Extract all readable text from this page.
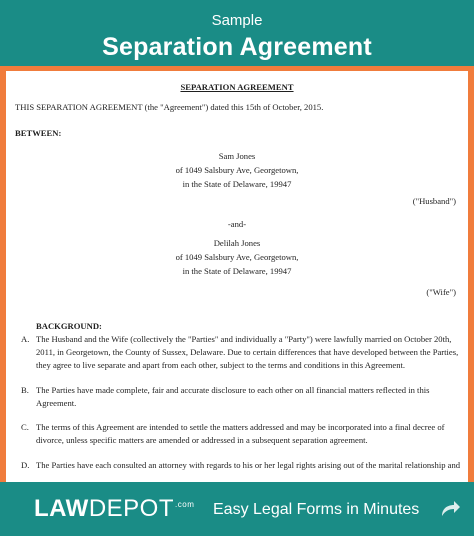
Sample
Separation Agreement
SEPARATION AGREEMENT
THIS SEPARATION AGREEMENT (the "Agreement") dated this 15th of October, 2015.
BETWEEN:
Sam Jones
of 1049 Salsbury Ave, Georgetown,
in the State of Delaware, 19947
("Husband")
-and-
Delilah Jones
of 1049 Salsbury Ave, Georgetown,
in the State of Delaware, 19947
("Wife")
BACKGROUND:
A. The Husband and the Wife (collectively the "Parties" and individually a "Party") were lawfully married on October 20th,
2011, in Georgetown, the County of Sussex, Delaware. Due to certain differences that have developed between the Parties,
they agree to live separate and apart from each other, subject to the terms and conditions in this Agreement.
B. The Parties have made complete, fair and accurate disclosure to each other on all financial matters reflected in this
Agreement.
C. The terms of this Agreement are intended to settle the matters addressed and may be incorporated into a final decree of
divorce, unless specific matters are amended or addressed in a subsequent separation agreement.
D. The Parties have each consulted an attorney with regards to his or her legal rights arising out of the marital relationship and
$LAWDEPOT^{.com}$ Easy Legal Forms in Minutes
